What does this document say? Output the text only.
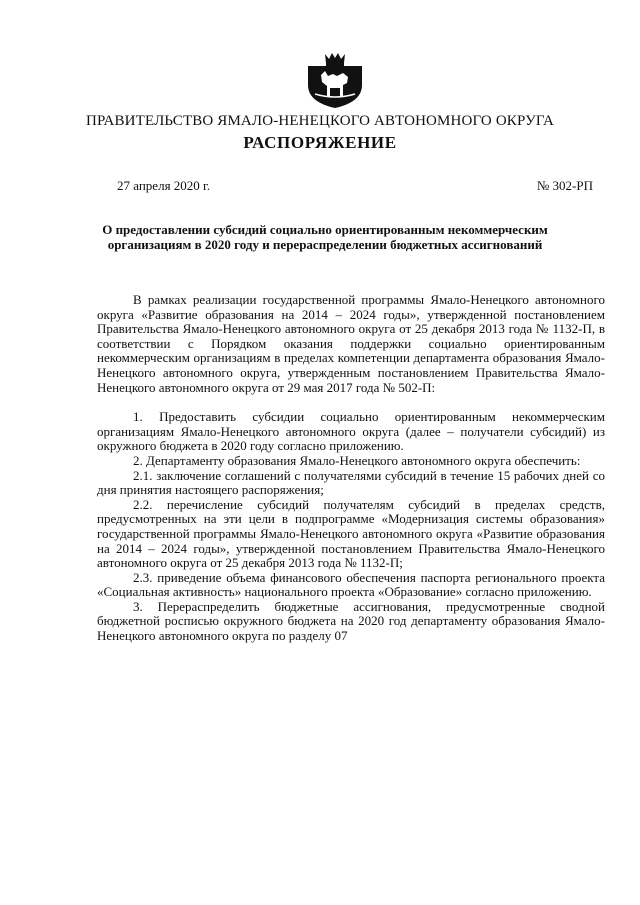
ПРАВИТЕЛЬСТВО ЯМАЛО-НЕНЕЦКОГО АВТОНОМНОГО ОКРУГА
РАСПОРЯЖЕНИЕ
27 апреля 2020 г.	№ 302-РП
О предоставлении субсидий социально ориентированным некоммерческим организациям в 2020 году и перераспределении бюджетных ассигнований

В рамках реализации государственной программы Ямало-Ненецкого автономного округа «Развитие образования на 2014 – 2024 годы», утвержденной постановлением Правительства Ямало-Ненецкого автономного округа от 25 декабря 2013 года № 1132-П, в соответствии с Порядком оказания поддержки социально ориентированным некоммерческим организациям в пределах компетенции департамента образования Ямало-Ненецкого автономного округа, утвержденным постановлением Правительства Ямало-Ненецкого автономного округа от 29 мая 2017 года № 502-П:

1. Предоставить субсидии социально ориентированным некоммерческим организациям Ямало-Ненецкого автономного округа (далее – получатели субсидий) из окружного бюджета в 2020 году согласно приложению.

2. Департаменту образования Ямало-Ненецкого автономного округа обеспечить:

2.1. заключение соглашений с получателями субсидий в течение 15 рабочих дней со дня принятия настоящего распоряжения;

2.2. перечисление субсидий получателям субсидий в пределах средств, предусмотренных на эти цели в подпрограмме «Модернизация системы образования» государственной программы Ямало-Ненецкого автономного округа «Развитие образования на 2014 – 2024 годы», утвержденной постановлением Правительства Ямало-Ненецкого автономного округа от 25 декабря 2013 года № 1132-П;

2.3. приведение объема финансового обеспечения паспорта регионального проекта «Социальная активность» национального проекта «Образование» согласно приложению.

3. Перераспределить бюджетные ассигнования, предусмотренные сводной бюджетной росписью окружного бюджета на 2020 год департаменту образования Ямало-Ненецкого автономного округа по разделу 07
